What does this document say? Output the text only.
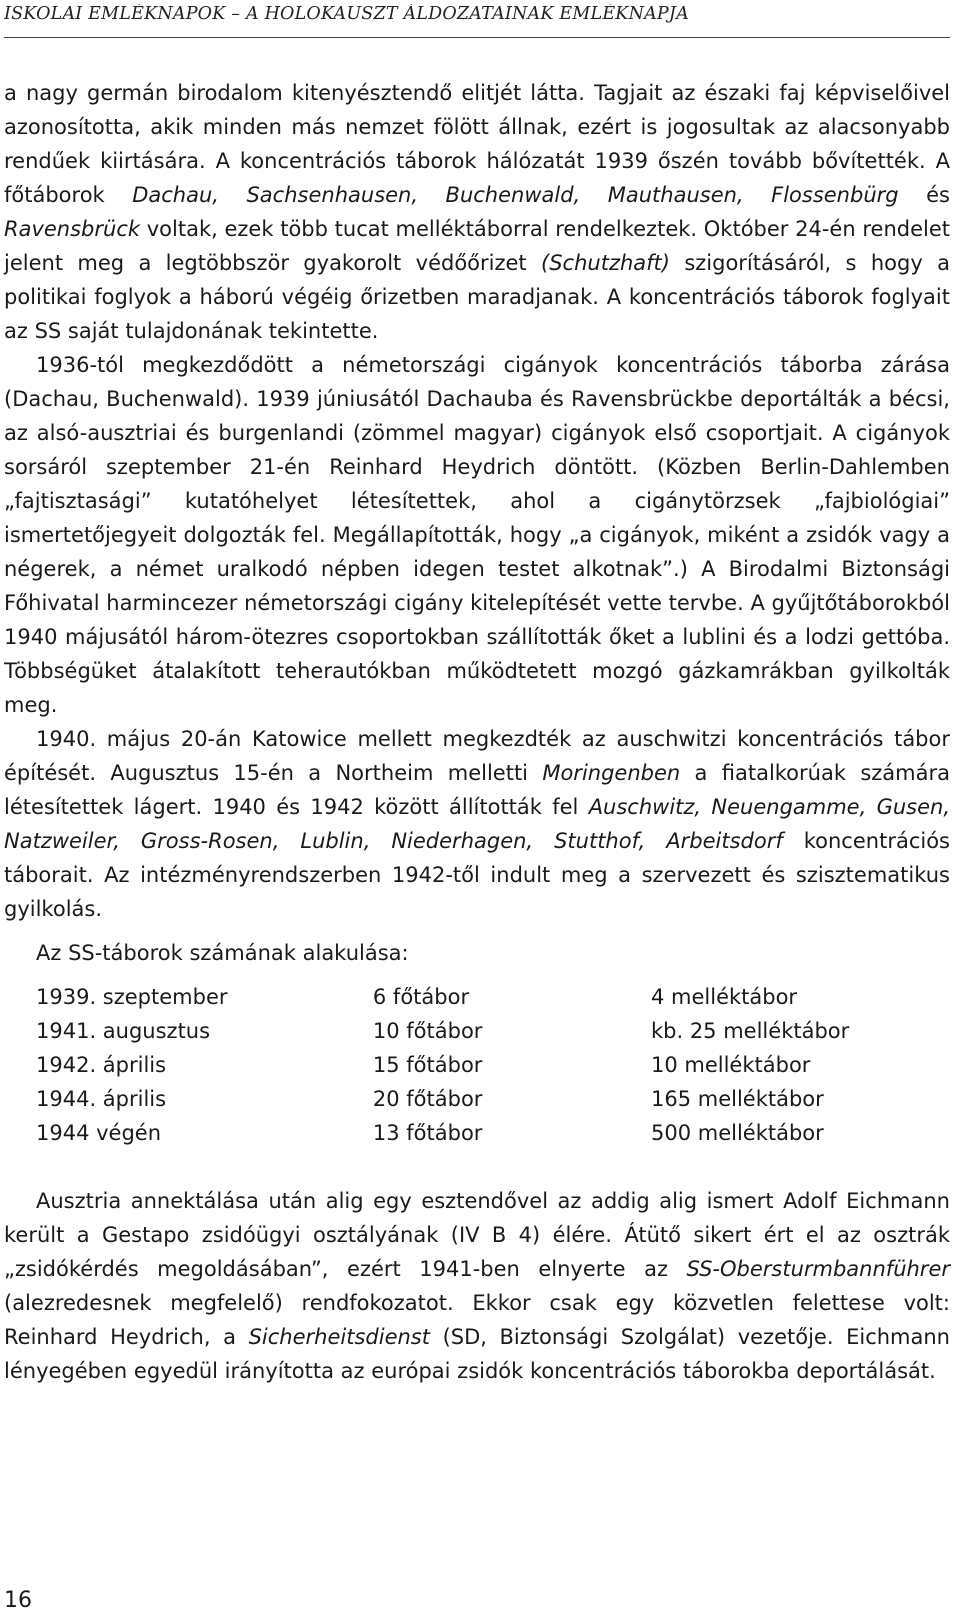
ISKOLAI EMLÉKNAPOK – A HOLOKAUSZT ÁLDOZATAINAK EMLÉKNAPJA

a nagy germán birodalom kitenyésztendő elitjét látta. Tagjait az északi faj képviselőivel azonosította, akik minden más nemzet fölött állnak, ezért is jogosultak az alacsonyabb rendűek kiirtására. A koncentrációs táborok hálózatát 1939 őszén tovább bővítették. A főtáborok Dachau, Sachsenhausen, Buchenwald, Mauthausen, Flossenbürg és Ravensbrück voltak, ezek több tucat melléktáborral rendelkeztek. Október 24-én rendelet jelent meg a legtöbbször gyakorolt védőőrizet (Schutzhaft) szigorításáról, s hogy a politikai foglyok a háború végéig őrizetben maradjanak. A koncentrációs táborok foglyait az SS saját tulajdonának tekintette.

1936-tól megkezdődött a németországi cigányok koncentrációs táborba zárása (Dachau, Buchenwald). 1939 júniusától Dachauba és Ravensbrückbe deportálták a bécsi, az alsó-ausztriai és burgenlandi (zömmel magyar) cigányok első csoportjait. A cigányok sorsáról szeptember 21-én Reinhard Heydrich döntött. (Közben Berlin-Dahlemben „fajtisztasági” kutatóhelyet létesítettek, ahol a cigánytörzsek „fajbiológiai” ismertetőjegyeit dolgozták fel. Megállapították, hogy „a cigányok, miként a zsidók vagy a négerek, a német uralkodó népben idegen testet alkotnak”.) A Birodalmi Biztonsági Főhivatal harmincezer németországi cigány kitelepítését vette tervbe. A gyűjtőtáborokból 1940 májusától három-ötezres csoportokban szállították őket a lublini és a lodzi gettóba. Többségüket átalakított teherautókban működtetett mozgó gázkamrákban gyilkolták meg.

1940. május 20-án Katowice mellett megkezdték az auschwitzi koncentrációs tábor építését. Augusztus 15-én a Northeim melletti Moringenben a fiatalkorúak számára létesítettek lágert. 1940 és 1942 között állították fel Auschwitz, Neuengamme, Gusen, Natzweiler, Gross-Rosen, Lublin, Niederhagen, Stutthof, Arbeitsdorf koncentrációs táborait. Az intézményrendszerben 1942-től indult meg a szervezett és szisztematikus gyilkolás.

Az SS-táborok számának alakulása:
1939. szeptember	6 főtábor	4 melléktábor
1941. augusztus	10 főtábor	kb. 25 melléktábor
1942. április	15 főtábor	10 melléktábor
1944. április	20 főtábor	165 melléktábor
1944 végén	13 főtábor	500 melléktábor

Ausztria annektálása után alig egy esztendővel az addig alig ismert Adolf Eichmann került a Gestapo zsidóügyi osztályának (IV B 4) élére. Átütő sikert ért el az osztrák „zsidókérdés megoldásában”, ezért 1941-ben elnyerte az SS-Obersturmbannführer (alezredesnek megfelelő) rendfokozatot. Ekkor csak egy közvetlen felettese volt: Reinhard Heydrich, a Sicherheitsdienst (SD, Biztonsági Szolgálat) vezetője. Eichmann lényegében egyedül irányította az európai zsidók koncentrációs táborokba deportálását.

16
